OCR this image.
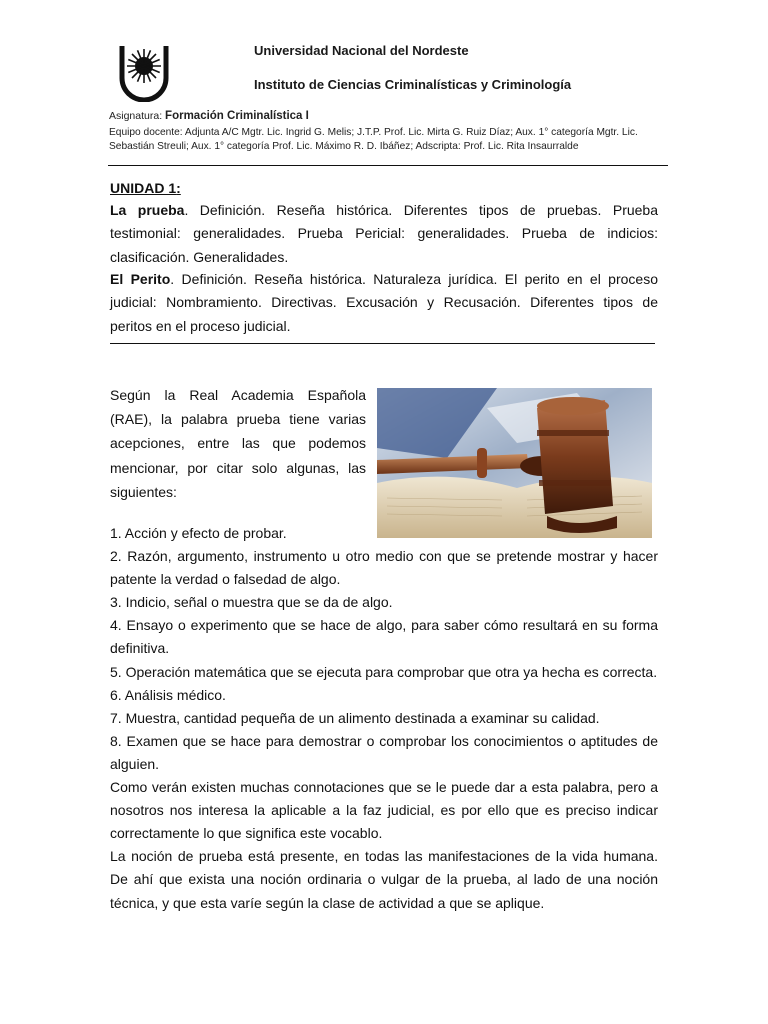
Universidad Nacional del Nordeste
Instituto de Ciencias Criminalísticas y Criminología
Asignatura: Formación Criminalística I
Equipo docente: Adjunta A/C Mgtr. Lic. Ingrid G. Melis; J.T.P. Prof. Lic. Mirta G. Ruiz Díaz; Aux. 1° categoría Mgtr. Lic. Sebastián Streuli; Aux. 1° categoría Prof. Lic. Máximo R. D. Ibáñez; Adscripta: Prof. Lic. Rita Insaurralde
UNIDAD 1:
La prueba. Definición. Reseña histórica. Diferentes tipos de pruebas. Prueba testimonial: generalidades. Prueba Pericial: generalidades. Prueba de indicios: clasificación. Generalidades.
El Perito. Definición. Reseña histórica. Naturaleza jurídica. El perito en el proceso judicial: Nombramiento. Directivas. Excusación y Recusación. Diferentes tipos de peritos en el proceso judicial.
Según la Real Academia Española (RAE), la palabra prueba tiene varias acepciones, entre las que podemos mencionar, por citar solo algunas, las siguientes:

1. Acción y efecto de probar.

2. Razón, argumento, instrumento u otro medio con que se pretende mostrar y hacer patente la verdad o falsedad de algo.

3. Indicio, señal o muestra que se da de algo.

4. Ensayo o experimento que se hace de algo, para saber cómo resultará en su forma definitiva.

5. Operación matemática que se ejecuta para comprobar que otra ya hecha es correcta.

6. Análisis médico.

7. Muestra, cantidad pequeña de un alimento destinada a examinar su calidad.

8. Examen que se hace para demostrar o comprobar los conocimientos o aptitudes de alguien.

Como verán existen muchas connotaciones que se le puede dar a esta palabra, pero a nosotros nos interesa la aplicable a la faz judicial, es por ello que es preciso indicar correctamente lo que significa este vocablo.

La noción de prueba está presente, en todas las manifestaciones de la vida humana. De ahí que exista una noción ordinaria o vulgar de la prueba, al lado de una noción técnica, y que esta varíe según la clase de actividad a que se aplique.
